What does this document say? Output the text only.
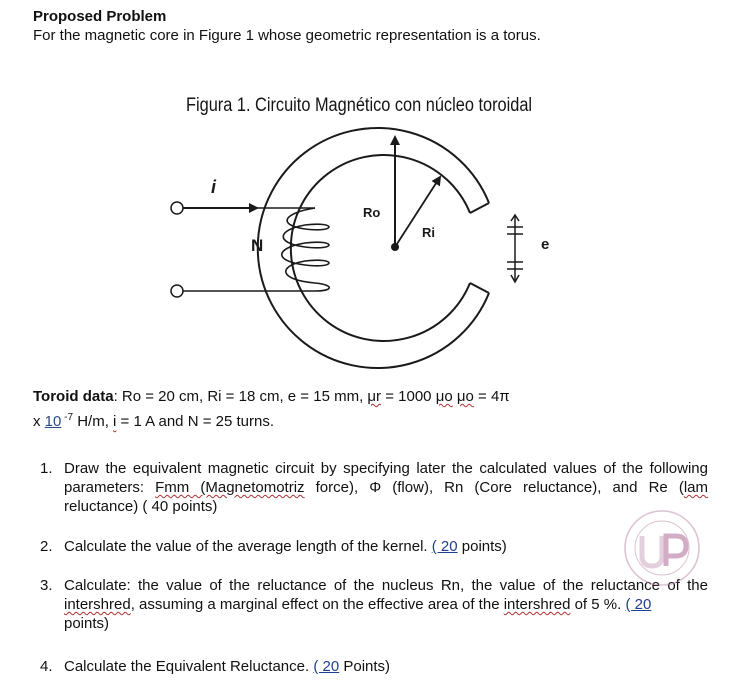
Proposed Problem
For the magnetic core in Figure 1 whose geometric representation is a torus.
Figura 1. Circuito Magnético con núcleo toroidal
i
N
Ro
Ri
e
Toroid data: Ro = 20 cm, Ri = 18 cm, e = 15 mm, μr = 1000 μo μo = 4π
x 10 $^{-7}$ H/m, i = 1 A and N = 25 turns.
1. Draw the equivalent magnetic circuit by specifying later the calculated values of the following parameters: Fmm (Magnetomotriz force), Φ (flow), Rn (Core reluctance), and Re (lam reluctance) ( 40 points)
2. Calculate the value of the average length of the kernel. ( 20 points)
3. Calculate: the value of the reluctance of the nucleus Rn, the value of the reluctance of the intershred, assuming a marginal effect on the effective area of the intershred of 5 %. ( 20
points)
4. Calculate the Equivalent Reluctance. ( 20 Points)
